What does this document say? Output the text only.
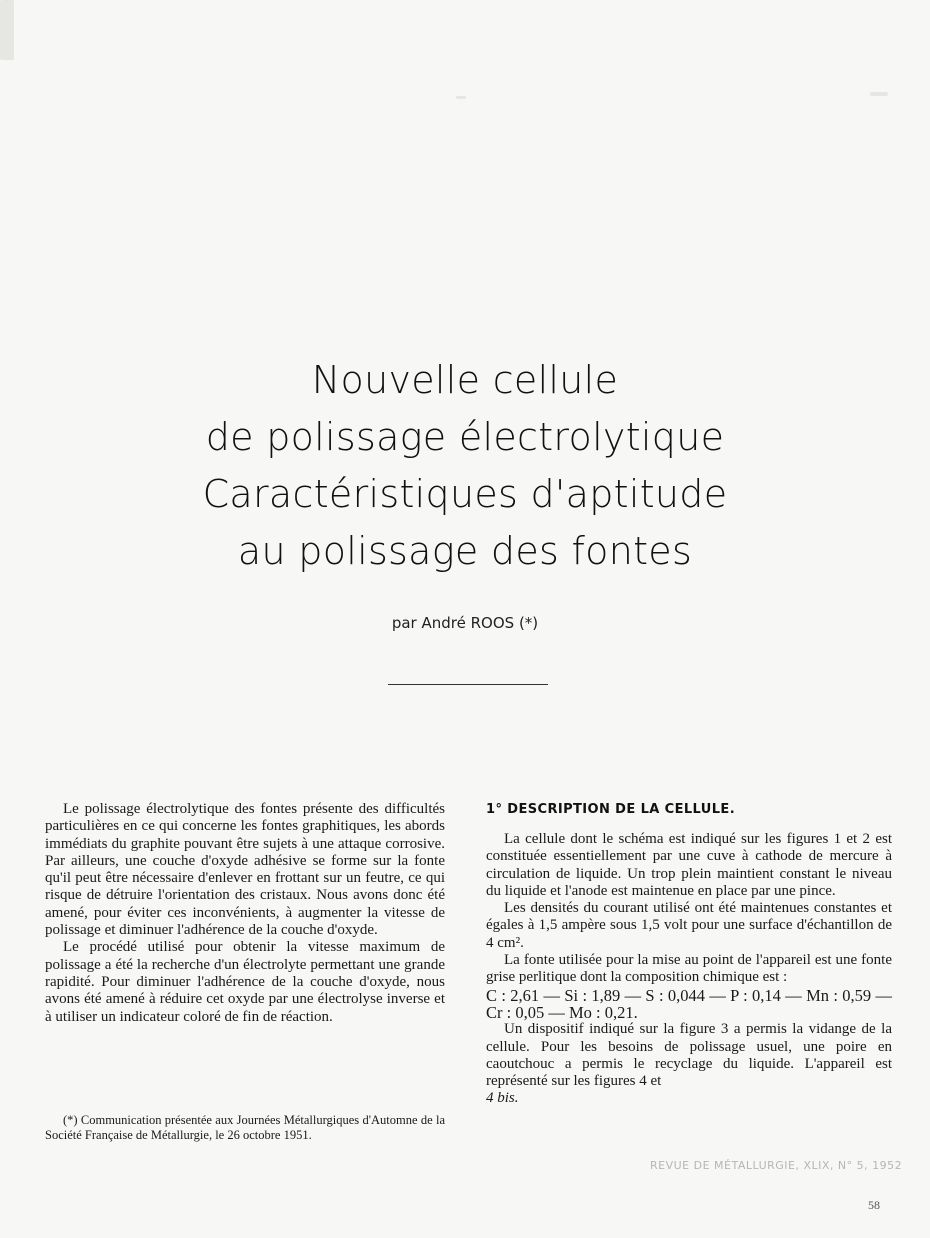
Nouvelle cellule
de polissage électrolytique
Caractéristiques d'aptitude
au polissage des fontes
par André ROOS (*)

Le polissage électrolytique des fontes présente des difficultés particulières en ce qui concerne les fontes graphitiques, les abords immédiats du graphite pouvant être sujets à une attaque corrosive. Par ailleurs, une couche d'oxyde adhésive se forme sur la fonte qu'il peut être nécessaire d'enlever en frottant sur un feutre, ce qui risque de détruire l'orientation des cristaux. Nous avons donc été amené, pour éviter ces inconvénients, à augmenter la vitesse de polissage et diminuer l'adhérence de la couche d'oxyde.

Le procédé utilisé pour obtenir la vitesse maximum de polissage a été la recherche d'un électrolyte permettant une grande rapidité. Pour diminuer l'adhérence de la couche d'oxyde, nous avons été amené à réduire cet oxyde par une électrolyse inverse et à utiliser un indicateur coloré de fin de réaction.

(*) Communication présentée aux Journées Métallurgiques d'Automne de la Société Française de Métallurgie, le 26 octobre 1951.

1° DESCRIPTION DE LA CELLULE.

La cellule dont le schéma est indiqué sur les figures 1 et 2 est constituée essentiellement par une cuve à cathode de mercure à circulation de liquide. Un trop plein maintient constant le niveau du liquide et l'anode est maintenue en place par une pince.

Les densités du courant utilisé ont été maintenues constantes et égales à 1,5 ampère sous 1,5 volt pour une surface d'échantillon de 4 cm².

La fonte utilisée pour la mise au point de l'appareil est une fonte grise perlitique dont la composition chimique est :

C : 2,61 — Si : 1,89 — S : 0,044 — P : 0,14 — Mn : 0,59 — Cr : 0,05 — Mo : 0,21.

Un dispositif indiqué sur la figure 3 a permis la vidange de la cellule. Pour les besoins de polissage usuel, une poire en caoutchouc a permis le recyclage du liquide. L'appareil est représenté sur les figures 4 et

4 bis.

REVUE DE MÉTALLURGIE, XLIX, N° 5, 1952
58
